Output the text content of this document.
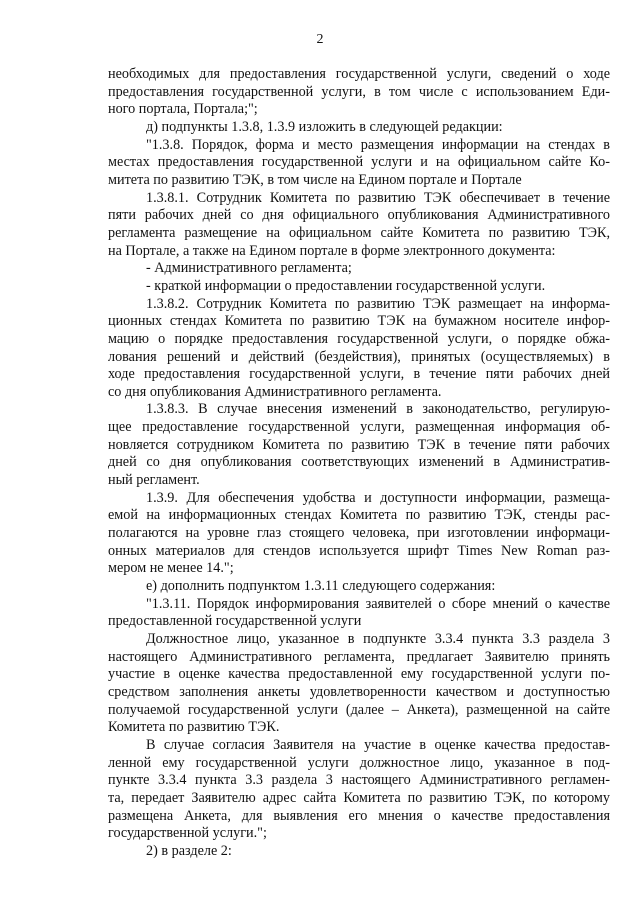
2

необходимых для предоставления государственной услуги, сведений о ходе
предоставления государственной услуги, в том числе с использованием Еди-

ного портала, Портала;";

д) подпункты 1.3.8, 1.3.9 изложить в следующей редакции:

"1.3.8. Порядок, форма и место размещения информации на стендах в

местах предоставления государственной услуги и на официальном сайте Ко-

митета по развитию ТЭК, в том числе на Едином портале и Портале

1.3.8.1. Сотрудник Комитета по развитию ТЭК обеспечивает в течение

пяти рабочих дней со дня официального опубликования Административного
регламента размещение на официальном сайте Комитета по развитию ТЭК,

на Портале, а также на Едином портале в форме электронного документа:

- Административного регламента;

- краткой информации о предоставлении государственной услуги.

1.3.8.2. Сотрудник Комитета по развитию ТЭК размещает на информа-

ционных стендах Комитета по развитию ТЭК на бумажном носителе инфор-
мацию о порядке предоставления государственной услуги, о порядке обжа-
лования решений и действий (бездействия), принятых (осуществляемых) в
ходе предоставления государственной услуги, в течение пяти рабочих дней

со дня опубликования Административного регламента.

1.3.8.3. В случае внесения изменений в законодательство, регулирую-

щее предоставление государственной услуги, размещенная информация об-
новляется сотрудником Комитета по развитию ТЭК в течение пяти рабочих
дней со дня опубликования соответствующих изменений в Административ-

ный регламент.

1.3.9. Для обеспечения удобства и доступности информации, размеща-

емой на информационных стендах Комитета по развитию ТЭК, стенды рас-
полагаются на уровне глаз стоящего человека, при изготовлении информаци-
онных материалов для стендов используется шрифт Times New Roman раз-

мером не менее 14.";

е) дополнить подпунктом 1.3.11 следующего содержания:

"1.3.11. Порядок информирования заявителей о сборе мнений о качестве

предоставленной государственной услуги

Должностное лицо, указанное в подпункте 3.3.4 пункта 3.3 раздела 3

настоящего Административного регламента, предлагает Заявителю принять
участие в оценке качества предоставленной ему государственной услуги по-
средством заполнения анкеты удовлетворенности качеством и доступностью
получаемой государственной услуги (далее – Анкета), размещенной на сайте

Комитета по развитию ТЭК.

В случае согласия Заявителя на участие в оценке качества предостав-

ленной ему государственной услуги должностное лицо, указанное в под-
пункте 3.3.4 пункта 3.3 раздела 3 настоящего Административного регламен-
та, передает Заявителю адрес сайта Комитета по развитию ТЭК, по которому
размещена Анкета, для выявления его мнения о качестве предоставления

государственной услуги.";

2) в разделе 2:
